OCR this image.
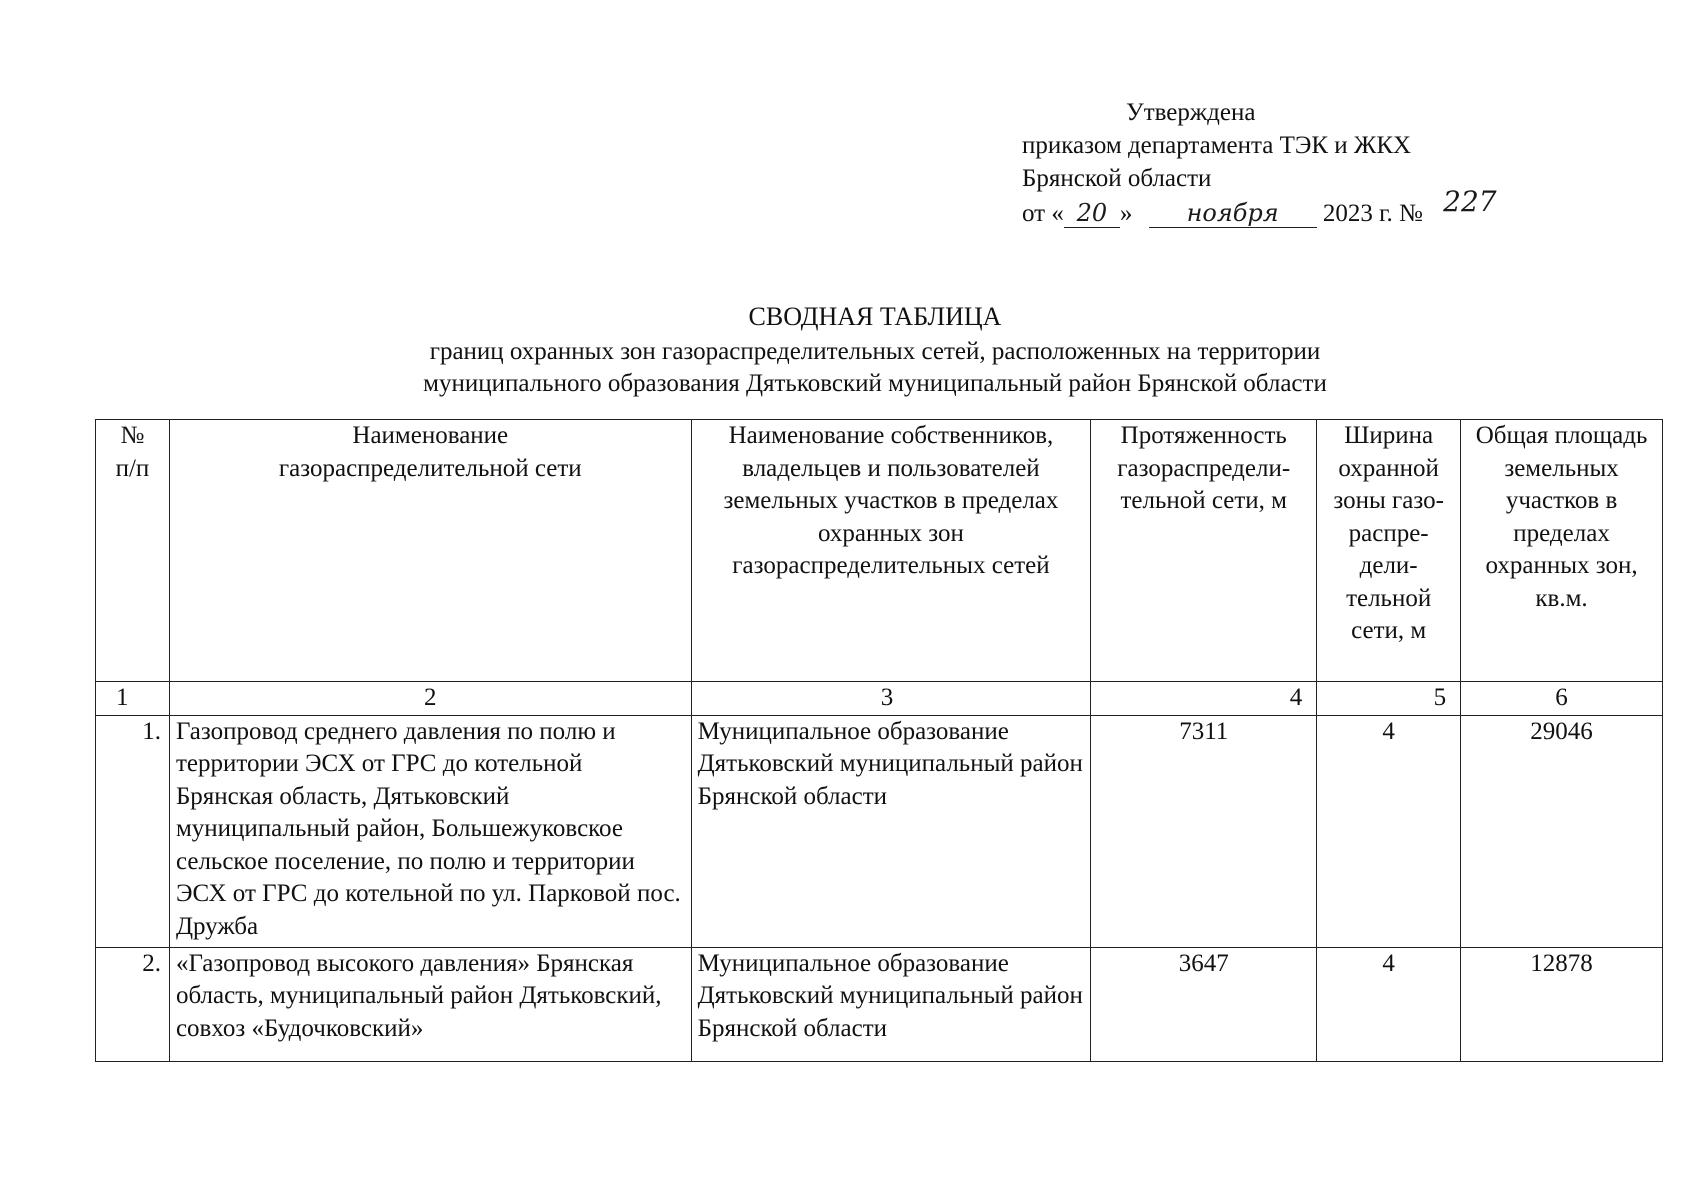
Утверждена
приказом департамента ТЭК и ЖКХ
Брянской области
от « 20 » ноября 2023 г. № 227
СВОДНАЯ ТАБЛИЦА
границ охранных зон газораспределительных сетей, расположенных на территории
муниципального образования Дятьковский муниципальный район Брянской области
№ п/п	Наименование газораспределительной сети	Наименование собственников, владельцев и пользователей земельных участков в пределах охранных зон газораспределительных сетей	Протяженность газораспредели-тельной сети, м	Ширина охранной зоны газо-распре-дели-тельной сети, м	Общая площадь земельных участков в пределах охранных зон, кв.м.
1	2	3	4	5	6
1.	Газопровод среднего давления по полю и территории ЭСХ от ГРС до котельной Брянская область, Дятьковский муниципальный район, Большежуковское сельское поселение, по полю и территории ЭСХ от ГРС до котельной по ул. Парковой пос. Дружба	Муниципальное образование Дятьковский муниципальный район Брянской области	7311	4	29046
2.	«Газопровод высокого давления» Брянская область, муниципальный район Дятьковский, совхоз «Будочковский»	Муниципальное образование Дятьковский муниципальный район Брянской области	3647	4	12878
